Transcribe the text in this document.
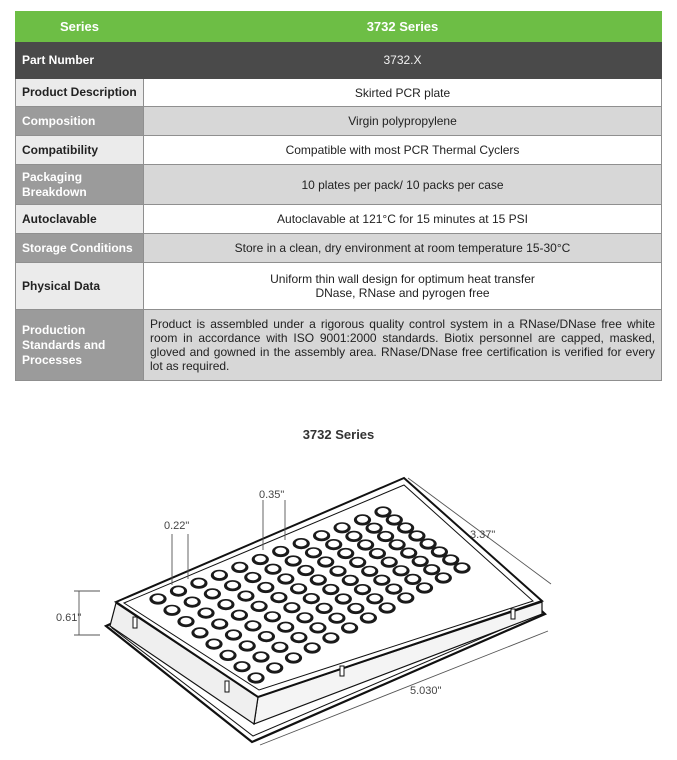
Series	3732 Series
Part Number	3732.X
Product Description	Skirted PCR plate
Composition	Virgin polypropylene
Compatibility	Compatible with most PCR Thermal Cyclers
Packaging Breakdown	10 plates per pack/ 10 packs per case
Autoclavable	Autoclavable at 121°C for 15 minutes at 15 PSI
Storage Conditions	Store in a clean, dry environment at room temperature 15-30°C
Physical Data	Uniform thin wall design for optimum heat transfer
DNase, RNase and pyrogen free

Production Standards and Processes	Product is assembled under a rigorous quality control system in a RNase/DNase free white room in accordance with ISO 9001:2000 standards. Biotix personnel are capped, masked, gloved and gowned in the assembly area. RNase/DNase free certification is verified for every lot as required.
3732 Series
0.22"
0.35"
3.37"
0.61"
5.030"
